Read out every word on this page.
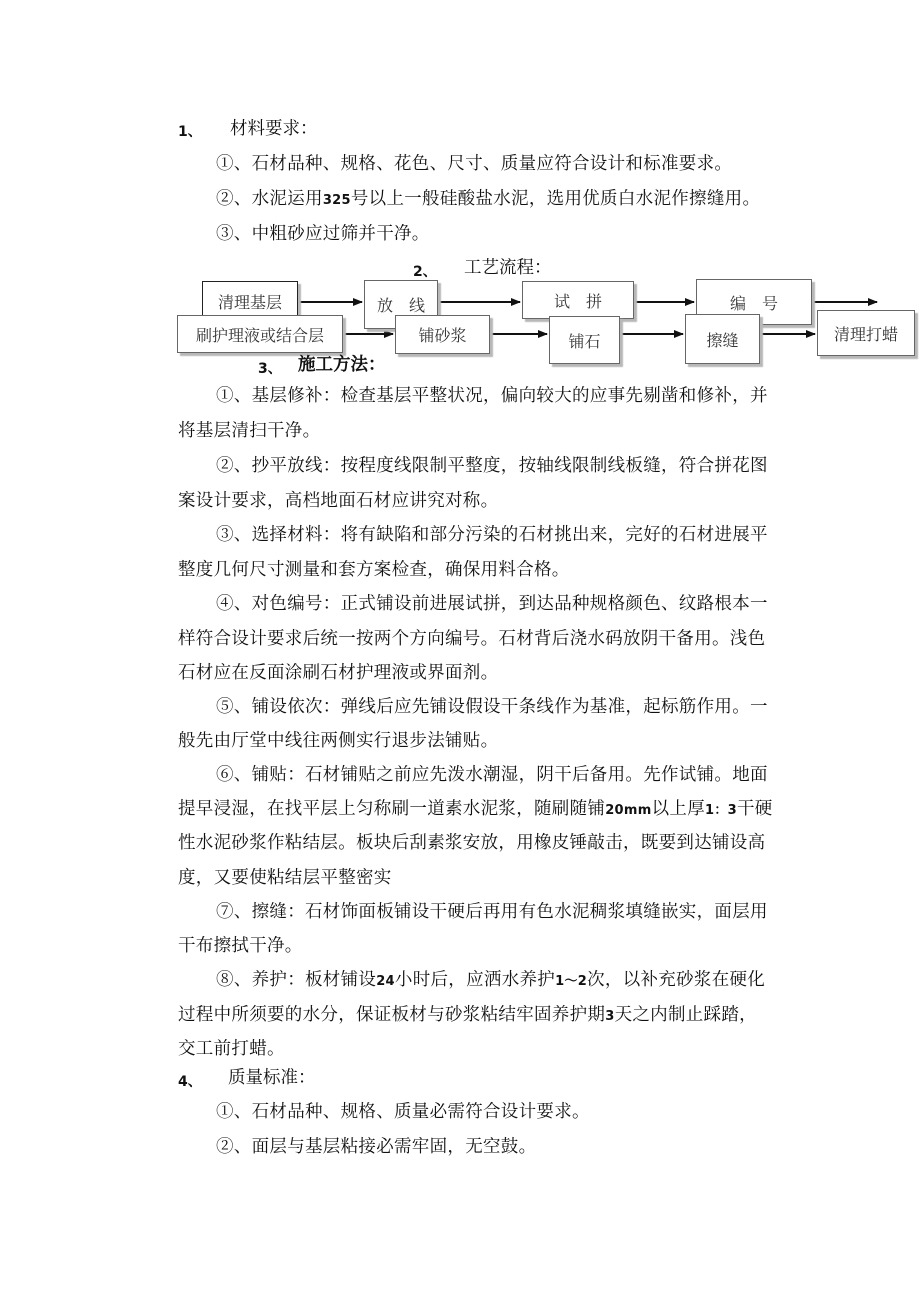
1、 材料要求：
①、石材品种、规格、花色、尺寸、质量应符合设计和标准要求。
②、水泥运用325号以上一般硅酸盐水泥，选用优质白水泥作擦缝用。
③、中粗砂应过筛并干净。
2、 工艺流程：
清理基层	放　线	试　拼	编　号
刷护理液或结合层	铺砂浆	铺石	擦缝	清理打蜡
3、 施工方法：
①、基层修补：检查基层平整状况，偏向较大的应事先剔凿和修补，并
将基层清扫干净。
②、抄平放线：按程度线限制平整度，按轴线限制线板缝，符合拼花图
案设计要求，高档地面石材应讲究对称。
③、选择材料：将有缺陷和部分污染的石材挑出来，完好的石材进展平
整度几何尺寸测量和套方案检查，确保用料合格。
④、对色编号：正式铺设前进展试拼，到达品种规格颜色、纹路根本一
样符合设计要求后统一按两个方向编号。石材背后浇水码放阴干备用。浅色
石材应在反面涂刷石材护理液或界面剂。
⑤、铺设依次：弹线后应先铺设假设干条线作为基准，起标筋作用。一
般先由厅堂中线往两侧实行退步法铺贴。
⑥、铺贴：石材铺贴之前应先泼水潮湿，阴干后备用。先作试铺。地面
提早浸湿，在找平层上匀称刷一道素水泥浆，随刷随铺20mm以上厚1：3干硬
性水泥砂浆作粘结层。板块后刮素浆安放，用橡皮锤敲击，既要到达铺设高
度，又要使粘结层平整密实
⑦、擦缝：石材饰面板铺设干硬后再用有色水泥稠浆填缝嵌实，面层用
干布擦拭干净。
⑧、养护：板材铺设24小时后，应洒水养护1〜2次，以补充砂浆在硬化
过程中所须要的水分，保证板材与砂浆粘结牢固养护期3天之内制止踩踏，
交工前打蜡。
4、 质量标准：
①、石材品种、规格、质量必需符合设计要求。
②、面层与基层粘接必需牢固，无空鼓。
